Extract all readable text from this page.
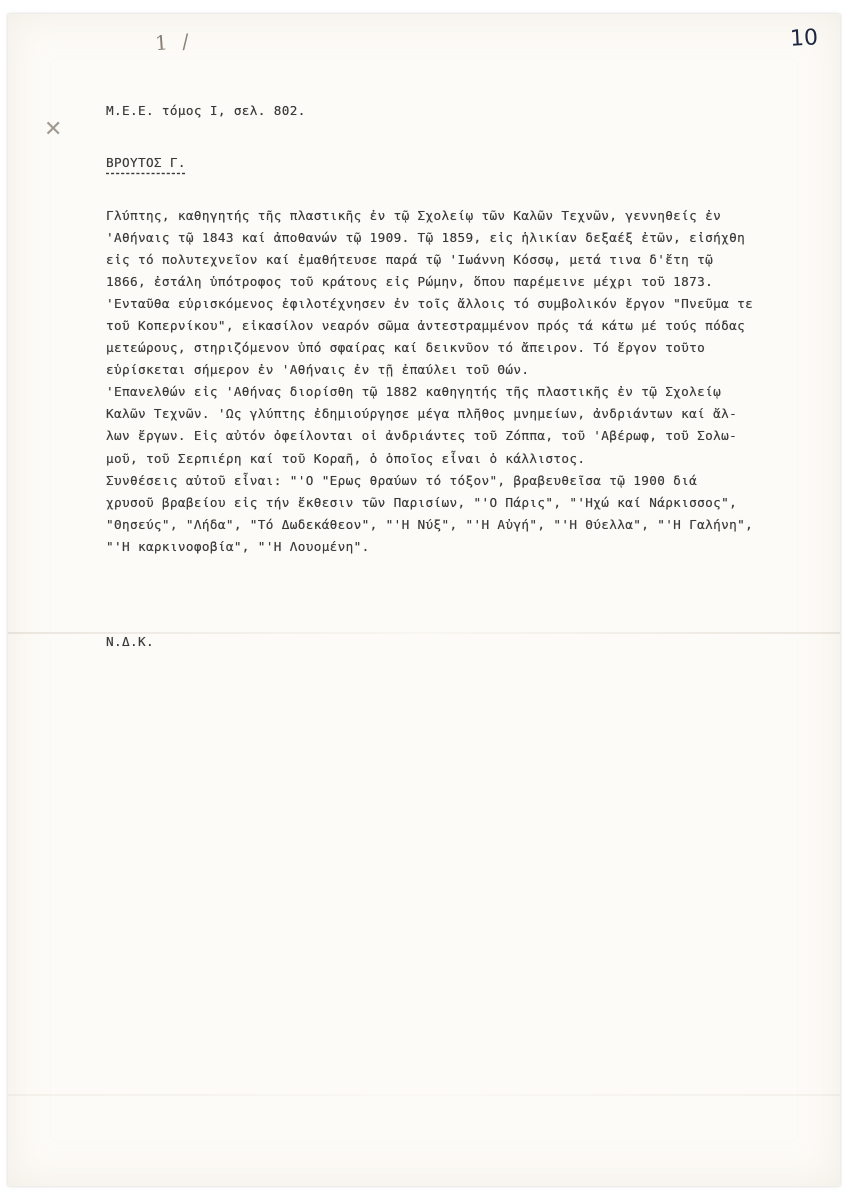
1 /	10
✕
Μ.Ε.Ε. τόμος Ι, σελ. 802.
ΒΡΟΥΤΟΣ Γ.
Γλύπτης, καθηγητής τῆς πλαστικῆς ἐν τῷ Σχολείῳ τῶν Καλῶν Τεχνῶν, γεννηθείς ἐν
'Αθήναις τῷ 1843 καί ἀποθανών τῷ 1909. Τῷ 1859, εἰς ἡλικίαν δεξαέξ ἐτῶν, εἰσήχθη
εἰς τό πολυτεχνεῖον καί ἐμαθήτευσε παρά τῷ 'Ιωάννη Κόσσῳ, μετά τινα δ'ἔτη τῷ
1866, ἐστάλη ὑπότροφος τοῦ κράτους εἰς Ρώμην, ὅπου παρέμεινε μέχρι τοῦ 1873.
'Ενταῦθα εὑρισκόμενος ἐφιλοτέχνησεν ἐν τοῖς ἄλλοις τό συμβολικόν ἔργον "Πνεῦμα τε
τοῦ Κοπερνίκου", εἰκασίλον νεαρόν σῶμα ἀντεστραμμένον πρός τά κάτω μέ τούς πόδας
μετεώρους, στηριζόμενον ὑπό σφαίρας καί δεικνῦον τό ἄπειρον. Τό ἔργον τοῦτο
εὑρίσκεται σήμερον ἐν 'Αθήναις ἐν τῇ ἐπαύλει τοῦ Θών.
'Επανελθών εἰς 'Αθήνας διορίσθη τῷ 1882 καθηγητής τῆς πλαστικῆς ἐν τῷ Σχολείῳ
Καλῶν Τεχνῶν. 'Ως γλύπτης ἐδημιούργησε μέγα πλῆθος μνημείων, ἀνδριάντων καί ἄλ-
λων ἔργων. Εἰς αὐτόν ὀφείλονται οἱ ἀνδριάντες τοῦ Ζόππα, τοῦ 'Αβέρωφ, τοῦ Σολω-
μοῦ, τοῦ Σερπιέρη καί τοῦ Κοραῆ, ὁ ὁποῖος εἶναι ὁ κάλλιστος.
Συνθέσεις αὐτοῦ εἶναι: "'Ο "Ερως θραύων τό τόξον", βραβευθεῖσα τῷ 1900 διά
χρυσοῦ βραβείου εἰς τήν ἔκθεσιν τῶν Παρισίων, "'Ο Πάρις", "'Ηχώ καί Νάρκισσος",
"Θησεύς", "Λήδα", "Τό Δωδεκάθεον", "'Η Νύξ", "'Η Αὐγή", "'Η Θύελλα", "'Η Γαλήνη",
"'Η καρκινοφοβία", "'Η Λουομένη".
Ν.Δ.Κ.
